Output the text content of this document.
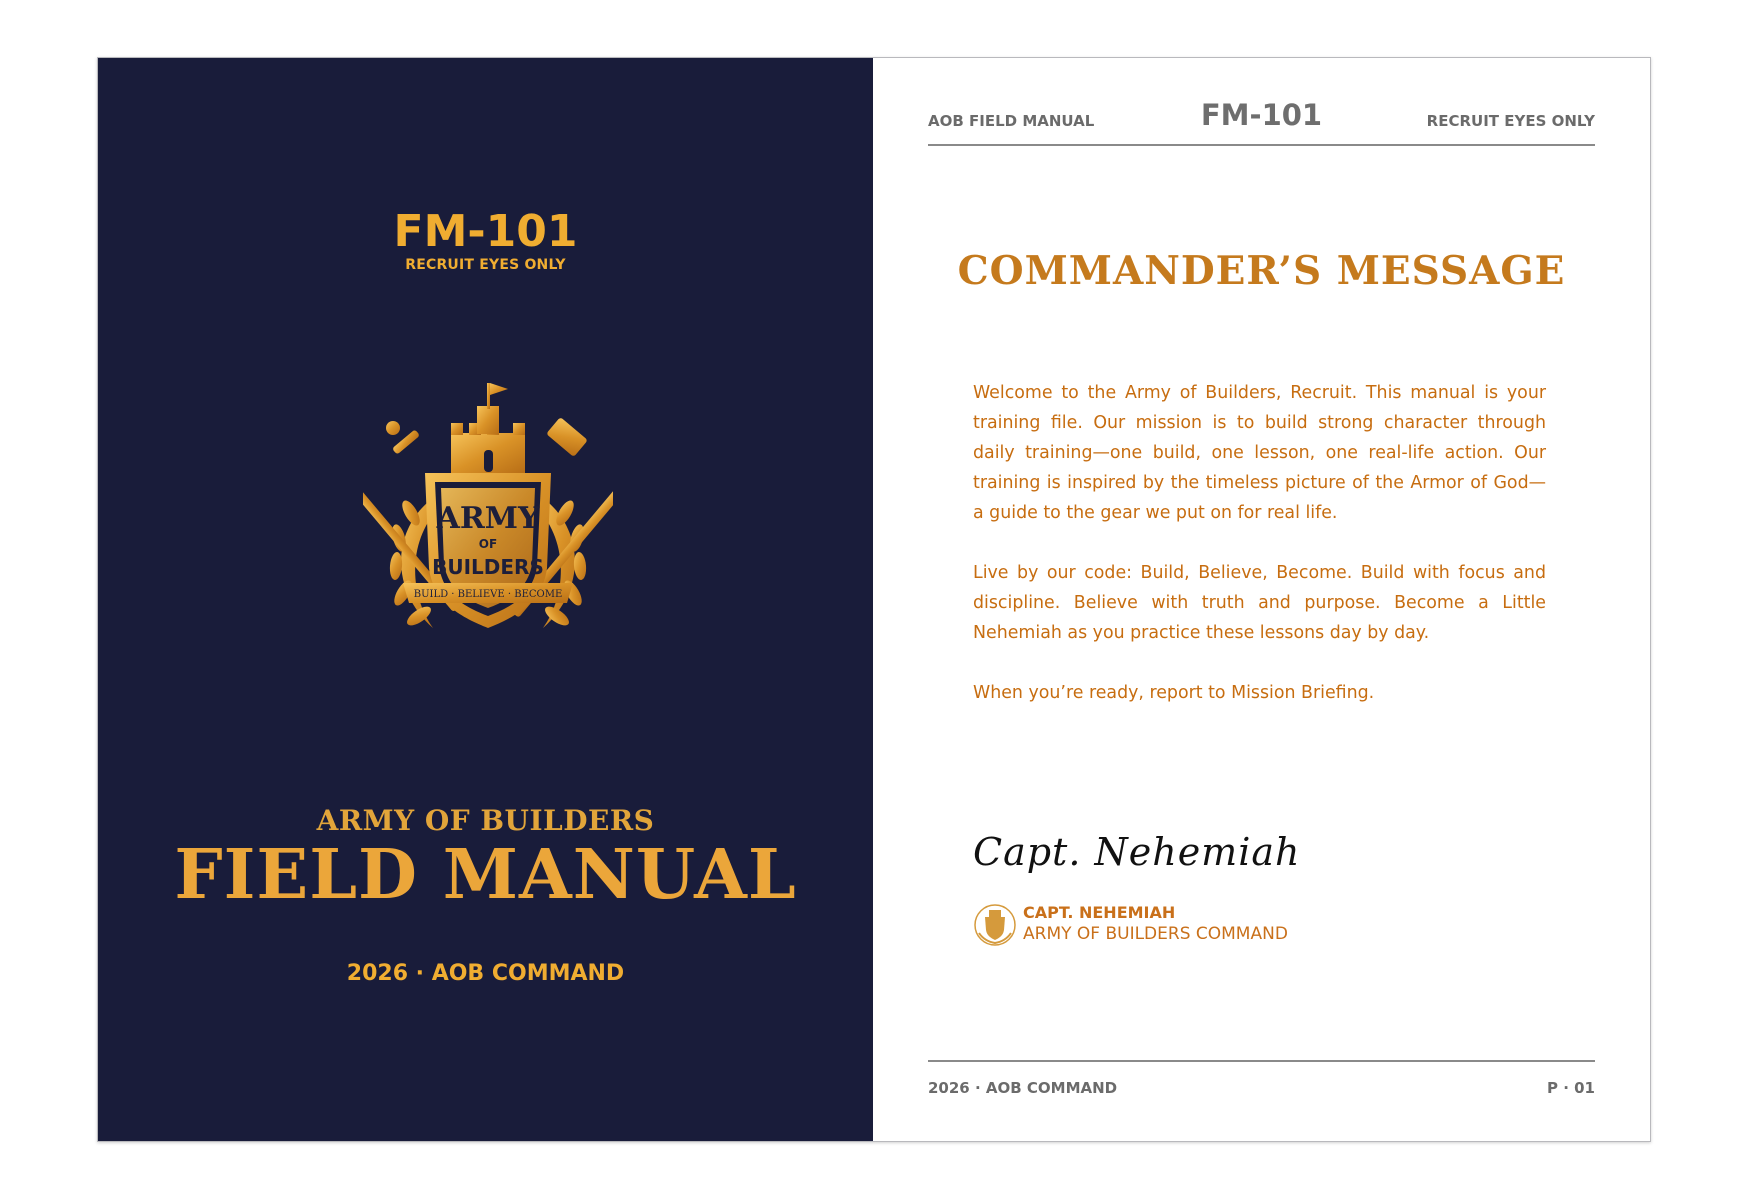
FM-101
RECRUIT EYES ONLY
ARMY
OF
BUILDERS
BUILD · BELIEVE · BECOME
ARMY OF BUILDERS
FIELD MANUAL
2026 · AOB COMMAND
AOB FIELD MANUAL	FM-101	RECRUIT EYES ONLY
COMMANDER’S MESSAGE

Welcome to the Army of Builders, Recruit. This manual is your training file. Our mission is to build strong character through daily training—one build, one lesson, one real-life action. Our training is inspired by the timeless picture of the Armor of God—a guide to the gear we put on for real life.

Live by our code: Build, Believe, Become. Build with focus and discipline. Believe with truth and purpose. Become a Little Nehemiah as you practice these lessons day by day.

When you’re ready, report to Mission Briefing.

Capt. Nehemiah
CAPT. NEHEMIAH
ARMY OF BUILDERS COMMAND
2026 · AOB COMMAND	P · 01
